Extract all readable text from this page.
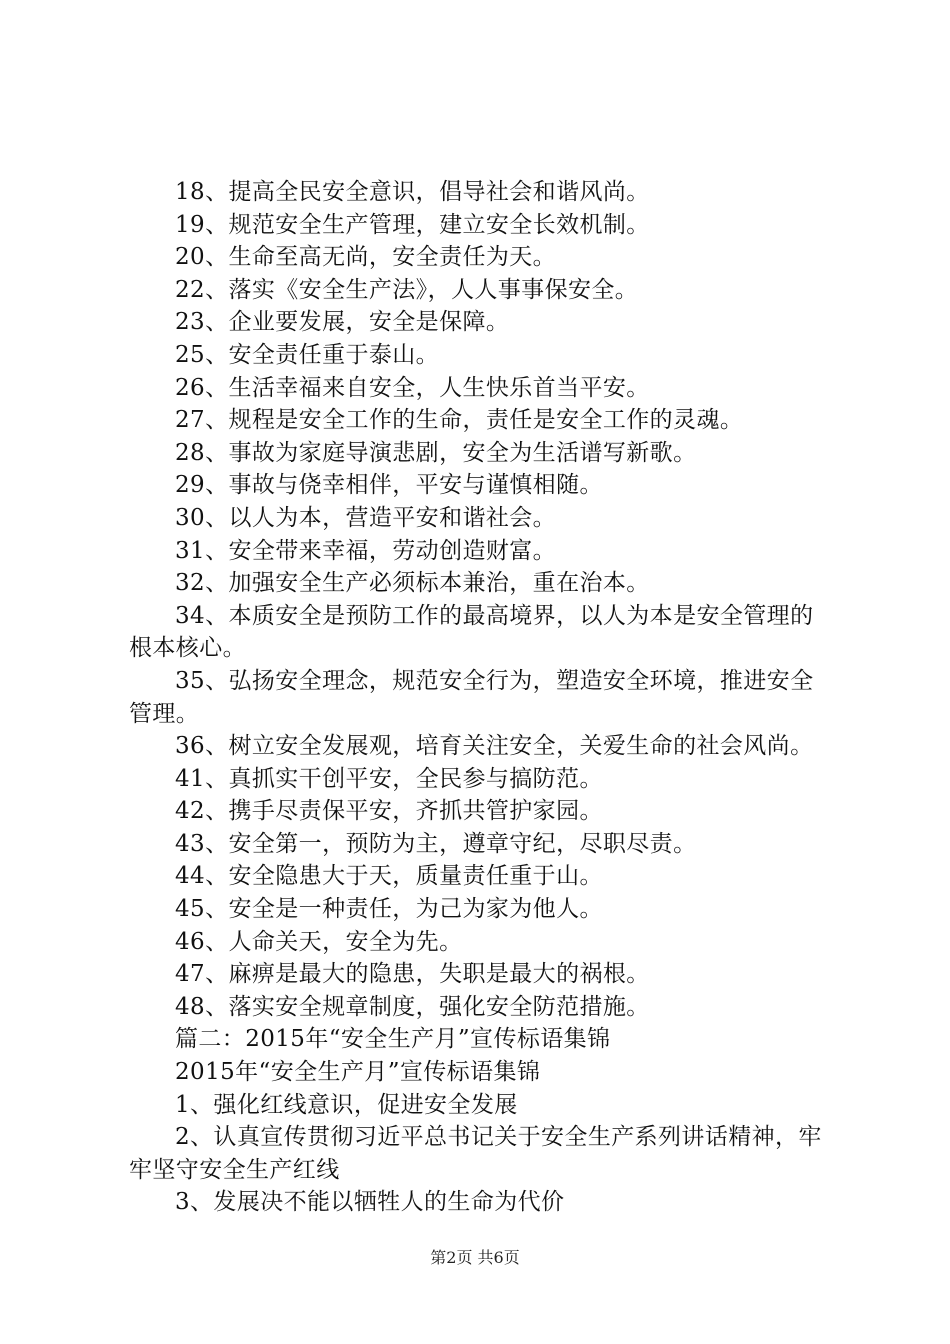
18、提高全民安全意识，倡导社会和谐风尚。

19、规范安全生产管理，建立安全长效机制。

20、生命至高无尚，安全责任为天。

22、落实《安全生产法》，人人事事保安全。

23、企业要发展，安全是保障。

25、安全责任重于泰山。

26、生活幸福来自安全，人生快乐首当平安。

27、规程是安全工作的生命，责任是安全工作的灵魂。

28、事故为家庭导演悲剧，安全为生活谱写新歌。

29、事故与侥幸相伴，平安与谨慎相随。

30、以人为本，营造平安和谐社会。

31、安全带来幸福，劳动创造财富。

32、加强安全生产必须标本兼治，重在治本。

34、本质安全是预防工作的最高境界，以人为本是安全管理的根本核心。

35、弘扬安全理念，规范安全行为，塑造安全环境，推进安全管理。

36、树立安全发展观，培育关注安全，关爱生命的社会风尚。

41、真抓实干创平安，全民参与搞防范。

42、携手尽责保平安，齐抓共管护家园。

43、安全第一，预防为主，遵章守纪，尽职尽责。

44、安全隐患大于天，质量责任重于山。

45、安全是一种责任，为己为家为他人。

46、人命关天，安全为先。

47、麻痹是最大的隐患，失职是最大的祸根。

48、落实安全规章制度，强化安全防范措施。

篇二：2015年“安全生产月”宣传标语集锦

2015年“安全生产月”宣传标语集锦

1、强化红线意识，促进安全发展

2、认真宣传贯彻习近平总书记关于安全生产系列讲话精神，牢牢坚守安全生产红线

3、发展决不能以牺牲人的生命为代价

第2页 共6页
